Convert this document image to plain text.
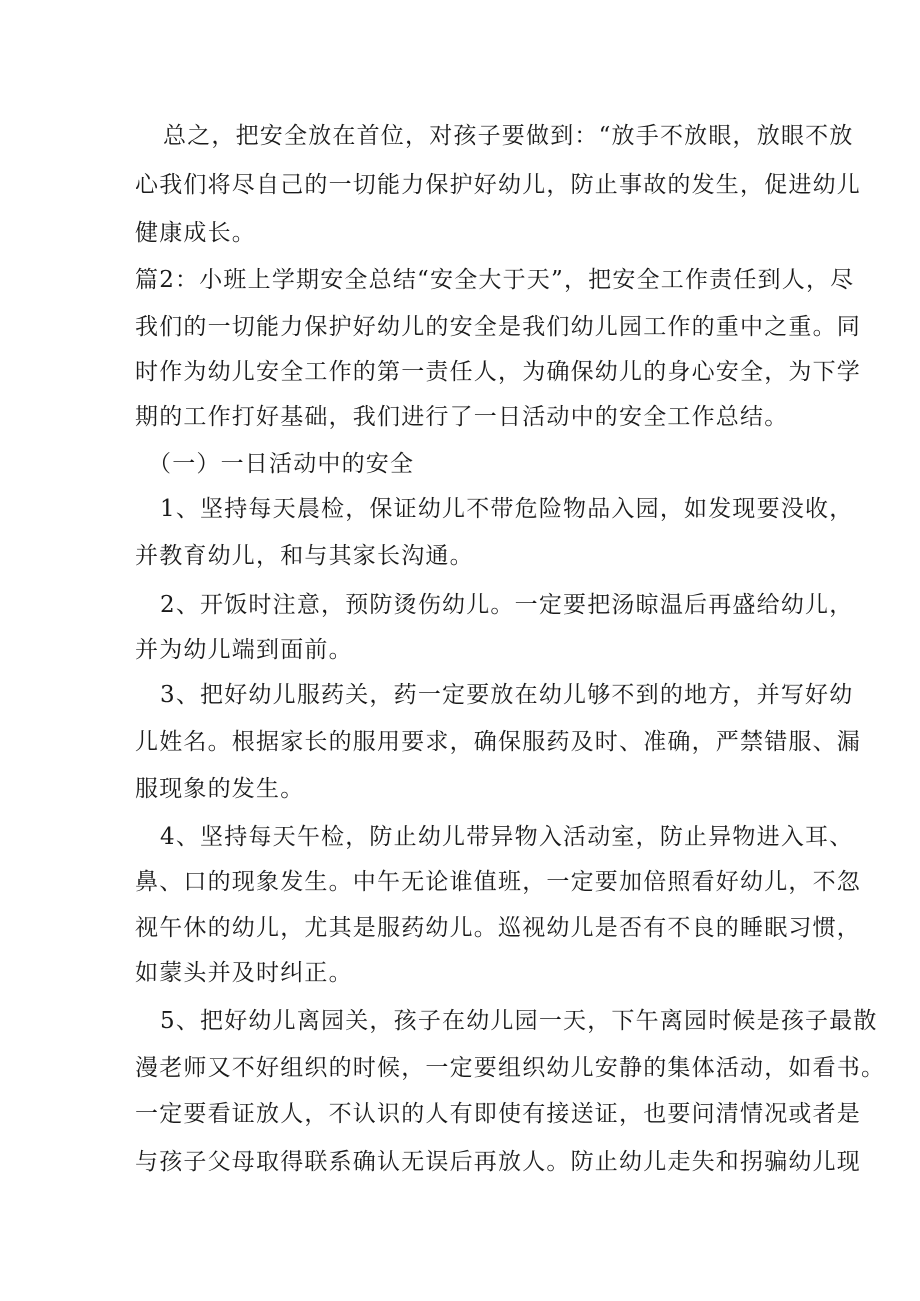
总之，把安全放在首位，对孩子要做到：“放手不放眼，放眼不放
心我们将尽自己的一切能力保护好幼儿，防止事故的发生，促进幼儿
健康成长。
篇2：小班上学期安全总结“安全大于天”，把安全工作责任到人，尽
我们的一切能力保护好幼儿的安全是我们幼儿园工作的重中之重。同
时作为幼儿安全工作的第一责任人，为确保幼儿的身心安全，为下学
期的工作打好基础，我们进行了一日活动中的安全工作总结。
（一）一日活动中的安全
1、坚持每天晨检，保证幼儿不带危险物品入园，如发现要没收，
并教育幼儿，和与其家长沟通。
2、开饭时注意，预防烫伤幼儿。一定要把汤晾温后再盛给幼儿，
并为幼儿端到面前。
3、把好幼儿服药关，药一定要放在幼儿够不到的地方，并写好幼
儿姓名。根据家长的服用要求，确保服药及时、准确，严禁错服、漏
服现象的发生。
4、坚持每天午检，防止幼儿带异物入活动室，防止异物进入耳、
鼻、口的现象发生。中午无论谁值班，一定要加倍照看好幼儿，不忽
视午休的幼儿，尤其是服药幼儿。巡视幼儿是否有不良的睡眠习惯，
如蒙头并及时纠正。
5、把好幼儿离园关，孩子在幼儿园一天，下午离园时候是孩子最散
漫老师又不好组织的时候，一定要组织幼儿安静的集体活动，如看书。
一定要看证放人，不认识的人有即使有接送证，也要问清情况或者是
与孩子父母取得联系确认无误后再放人。防止幼儿走失和拐骗幼儿现
